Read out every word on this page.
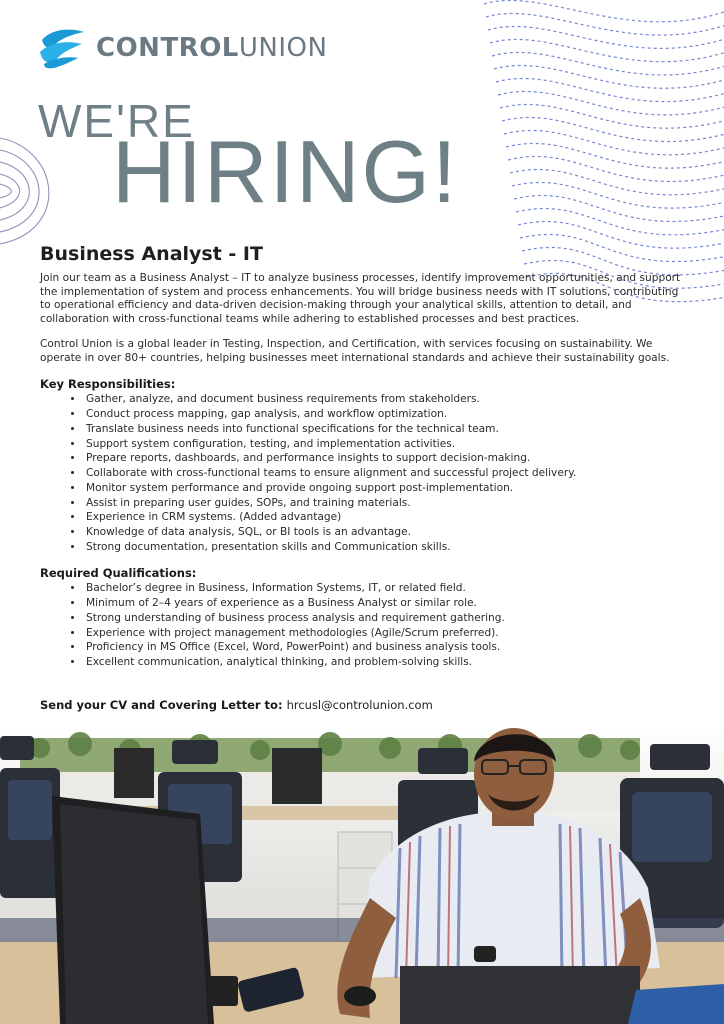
CONTROLUNION
WE'RE
HIRING!
Business Analyst - IT

Join our team as a Business Analyst – IT to analyze business processes, identify improvement opportunities, and support the implementation of system and process enhancements. You will bridge business needs with IT solutions, contributing to operational efficiency and data-driven decision-making through your analytical skills, attention to detail, and collaboration with cross-functional teams while adhering to established processes and best practices.

Control Union is a global leader in Testing, Inspection, and Certification, with services focusing on sustainability. We operate in over 80+ countries, helping businesses meet international standards and achieve their sustainability goals.

Key Responsibilities:
• Gather, analyze, and document business requirements from stakeholders.
• Conduct process mapping, gap analysis, and workflow optimization.
• Translate business needs into functional specifications for the technical team.
• Support system configuration, testing, and implementation activities.
• Prepare reports, dashboards, and performance insights to support decision-making.
• Collaborate with cross-functional teams to ensure alignment and successful project delivery.
• Monitor system performance and provide ongoing support post-implementation.
• Assist in preparing user guides, SOPs, and training materials.
• Experience in CRM systems. (Added advantage)
• Knowledge of data analysis, SQL, or BI tools is an advantage.
• Strong documentation, presentation skills and Communication skills.
Required Qualifications:
• Bachelor’s degree in Business, Information Systems, IT, or related field.
• Minimum of 2–4 years of experience as a Business Analyst or similar role.
• Strong understanding of business process analysis and requirement gathering.
• Experience with project management methodologies (Agile/Scrum preferred).
• Proficiency in MS Office (Excel, Word, PowerPoint) and business analysis tools.
• Excellent communication, analytical thinking, and problem-solving skills.
Send your CV and Covering Letter to: hrcusl@controlunion.com
